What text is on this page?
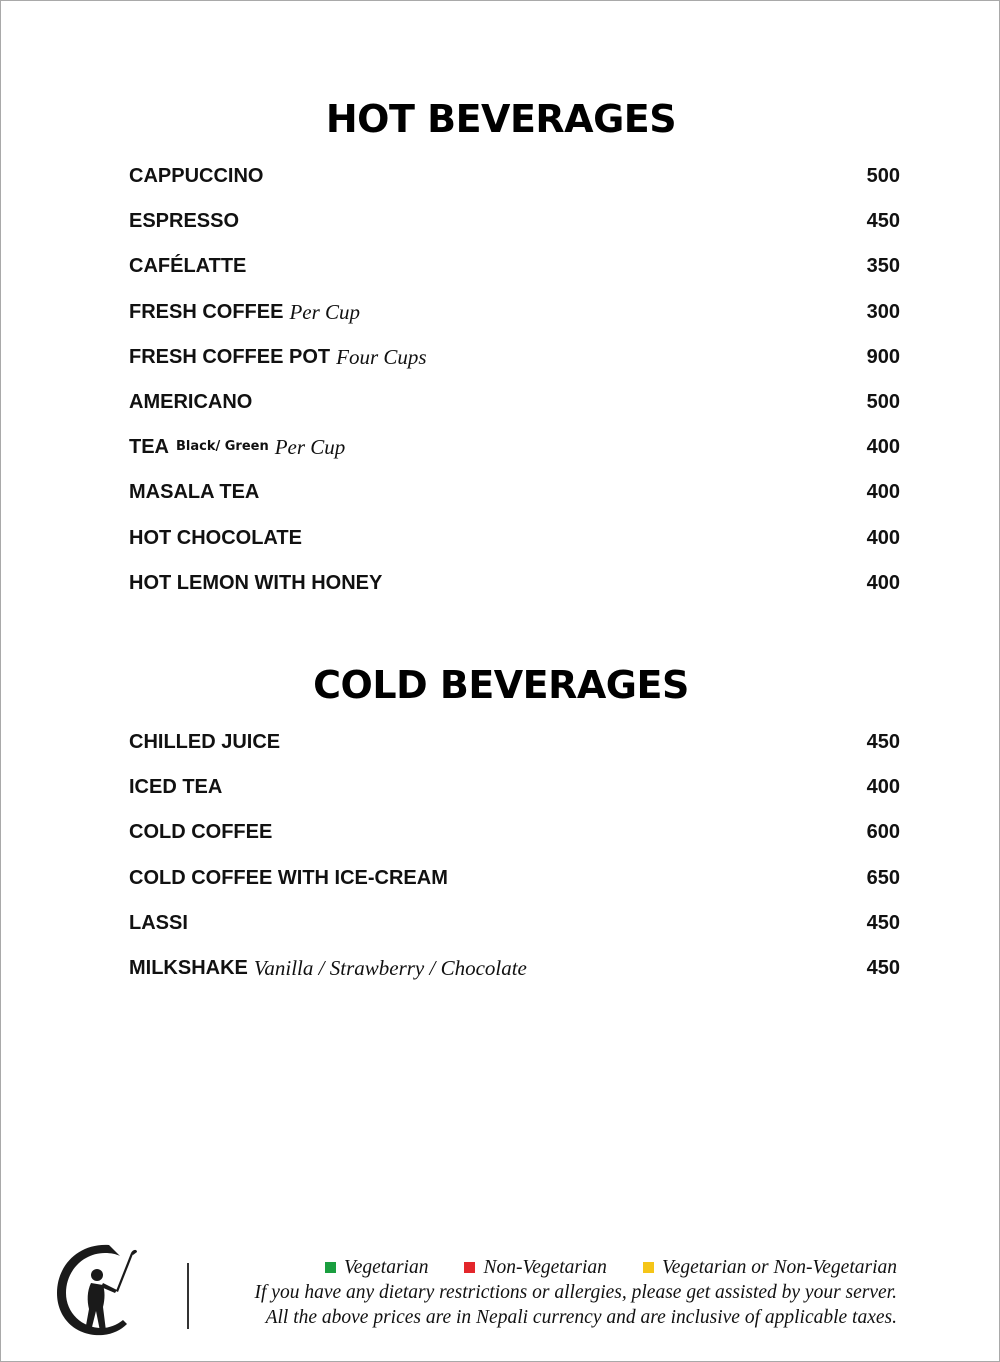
HOT BEVERAGES
CAPPUCCINO	500
ESPRESSO	450
CAFÉLATTE	350
FRESH COFFEE Per Cup	300
FRESH COFFEE POT Four Cups	900
AMERICANO	500
TEA Black/ Green Per Cup	400
MASALA TEA	400
HOT CHOCOLATE	400
HOT LEMON WITH HONEY	400
COLD BEVERAGES
CHILLED JUICE	450
ICED TEA	400
COLD COFFEE	600
COLD COFFEE WITH ICE-CREAM	650
LASSI	450
MILKSHAKE Vanilla / Strawberry / Chocolate	450
Vegetarian	Non-Vegetarian	Vegetarian or Non-Vegetarian
If you have any dietary restrictions or allergies, please get assisted by your server.
All the above prices are in Nepali currency and are inclusive of applicable taxes.
